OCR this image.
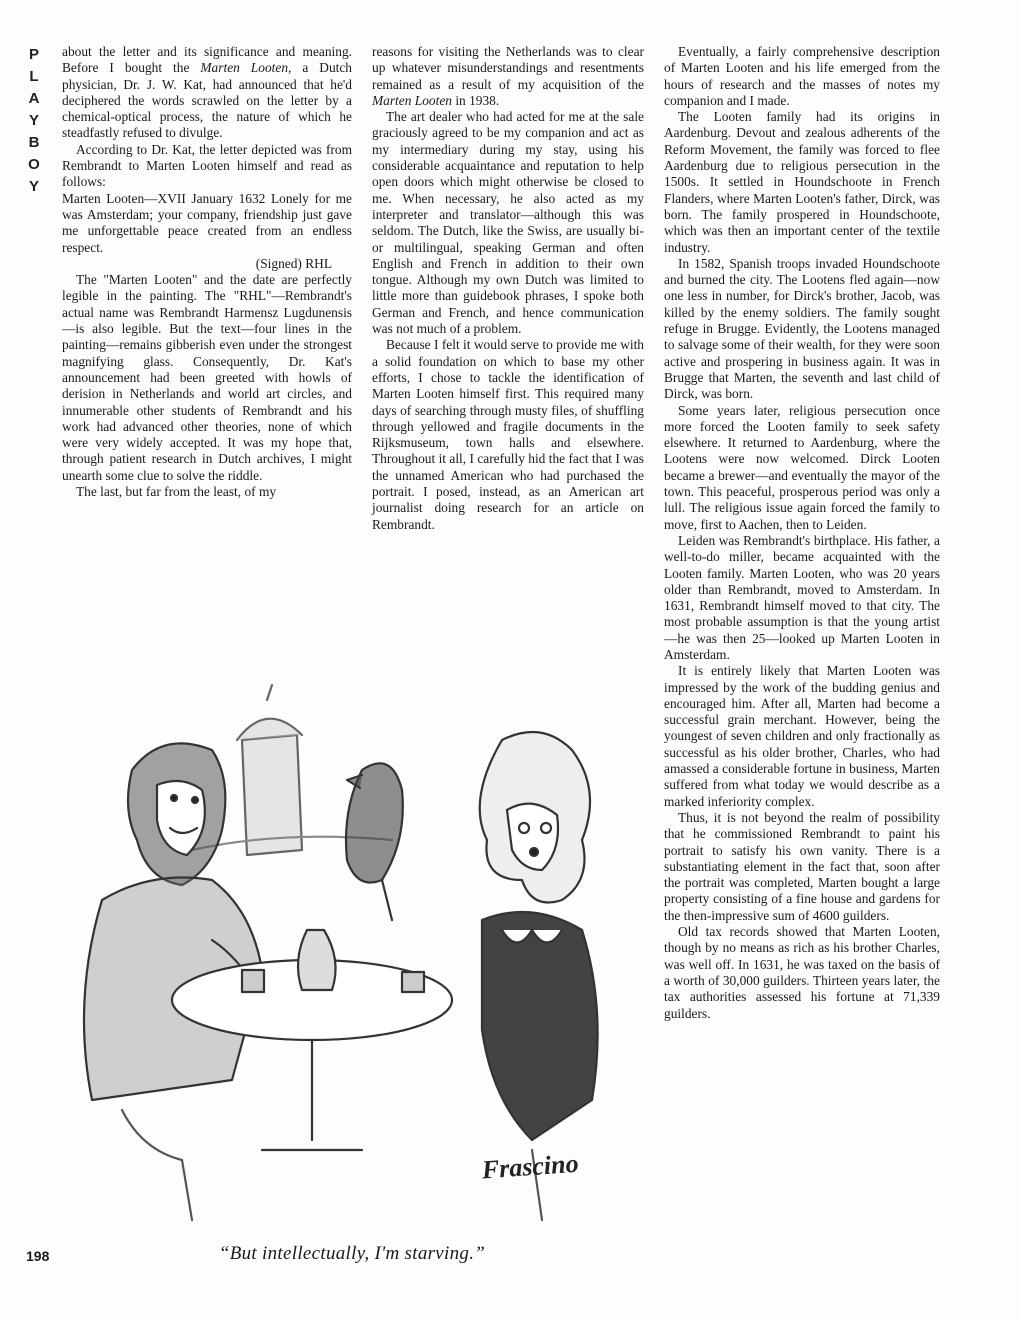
P
L
A
Y
B
O
Y

about the letter and its significance and meaning. Before I bought the Marten Looten, a Dutch physician, Dr. J. W. Kat, had announced that he'd deciphered the words scrawled on the letter by a chemical-optical process, the nature of which he steadfastly refused to divulge.

According to Dr. Kat, the letter depicted was from Rembrandt to Marten Looten himself and read as follows:

Marten Looten—XVII January 1632 Lonely for me was Amsterdam; your company, friendship just gave me unforgettable peace created from an endless respect.

(Signed) RHL

The "Marten Looten" and the date are perfectly legible in the painting. The "RHL"—Rembrandt's actual name was Rembrandt Harmensz Lugdunensis—is also legible. But the text—four lines in the painting—remains gibberish even under the strongest magnifying glass. Consequently, Dr. Kat's announcement had been greeted with howls of derision in Netherlands and world art circles, and innumerable other students of Rembrandt and his work had advanced other theories, none of which were very widely accepted. It was my hope that, through patient research in Dutch archives, I might unearth some clue to solve the riddle.

The last, but far from the least, of my

reasons for visiting the Netherlands was to clear up whatever misunderstandings and resentments remained as a result of my acquisition of the Marten Looten in 1938.

The art dealer who had acted for me at the sale graciously agreed to be my companion and act as my intermediary during my stay, using his considerable acquaintance and reputation to help open doors which might otherwise be closed to me. When necessary, he also acted as my interpreter and translator—although this was seldom. The Dutch, like the Swiss, are usually bi- or multilingual, speaking German and often English and French in addition to their own tongue. Although my own Dutch was limited to little more than guidebook phrases, I spoke both German and French, and hence communication was not much of a problem.

Because I felt it would serve to provide me with a solid foundation on which to base my other efforts, I chose to tackle the identification of Marten Looten himself first. This required many days of searching through musty files, of shuffling through yellowed and fragile documents in the Rijksmuseum, town halls and elsewhere. Throughout it all, I carefully hid the fact that I was the unnamed American who had purchased the portrait. I posed, instead, as an American art journalist doing research for an article on Rembrandt.

Eventually, a fairly comprehensive description of Marten Looten and his life emerged from the hours of research and the masses of notes my companion and I made.

The Looten family had its origins in Aardenburg. Devout and zealous adherents of the Reform Movement, the family was forced to flee Aardenburg due to religious persecution in the 1500s. It settled in Houndschoote in French Flanders, where Marten Looten's father, Dirck, was born. The family prospered in Houndschoote, which was then an important center of the textile industry.

In 1582, Spanish troops invaded Houndschoote and burned the city. The Lootens fled again—now one less in number, for Dirck's brother, Jacob, was killed by the enemy soldiers. The family sought refuge in Brugge. Evidently, the Lootens managed to salvage some of their wealth, for they were soon active and prospering in business again. It was in Brugge that Marten, the seventh and last child of Dirck, was born.

Some years later, religious persecution once more forced the Looten family to seek safety elsewhere. It returned to Aardenburg, where the Lootens were now welcomed. Dirck Looten became a brewer—and eventually the mayor of the town. This peaceful, prosperous period was only a lull. The religious issue again forced the family to move, first to Aachen, then to Leiden.

Leiden was Rembrandt's birthplace. His father, a well-to-do miller, became acquainted with the Looten family. Marten Looten, who was 20 years older than Rembrandt, moved to Amsterdam. In 1631, Rembrandt himself moved to that city. The most probable assumption is that the young artist—he was then 25—looked up Marten Looten in Amsterdam.

It is entirely likely that Marten Looten was impressed by the work of the budding genius and encouraged him. After all, Marten had become a successful grain merchant. However, being the youngest of seven children and only fractionally as successful as his older brother, Charles, who had amassed a considerable fortune in business, Marten suffered from what today we would describe as a marked inferiority complex.

Thus, it is not beyond the realm of possibility that he commissioned Rembrandt to paint his portrait to satisfy his own vanity. There is a substantiating element in the fact that, soon after the portrait was completed, Marten bought a large property consisting of a fine house and gardens for the then-impressive sum of 4600 guilders.

Old tax records showed that Marten Looten, though by no means as rich as his brother Charles, was well off. In 1631, he was taxed on the basis of a worth of 30,000 guilders. Thirteen years later, the tax authorities assessed his fortune at 71,339 guilders.

Frascino
“But intellectually, I'm starving.”
198
